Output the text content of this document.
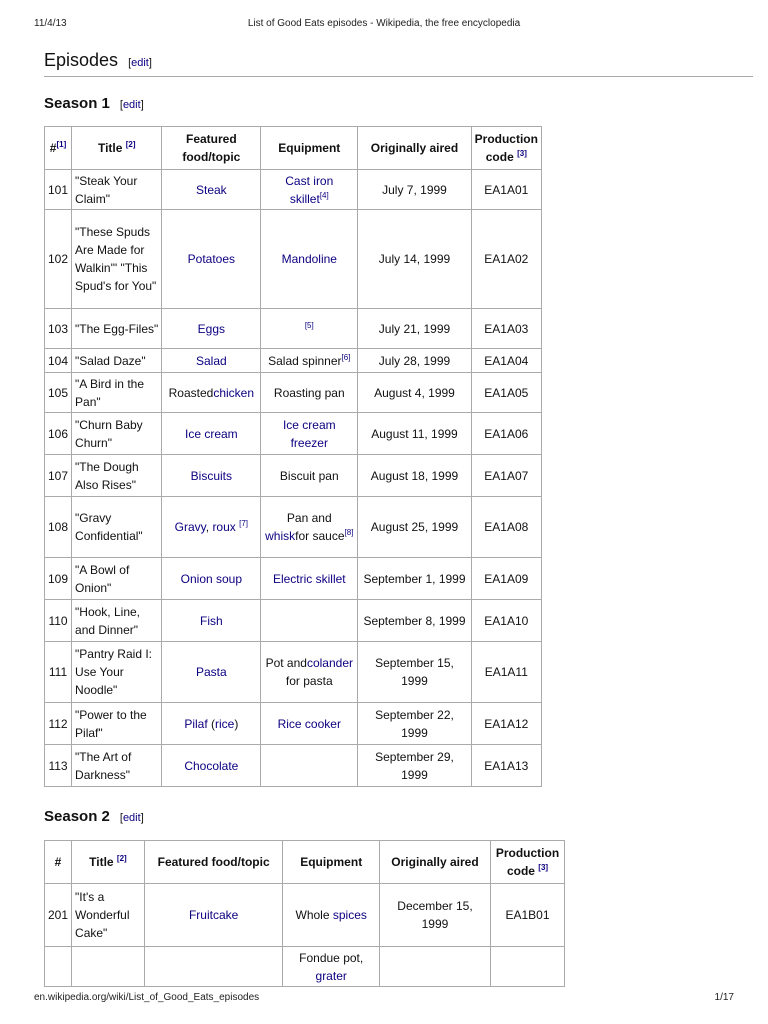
11/4/13	List of Good Eats episodes - Wikipedia, the free encyclopedia
Episodes [edit]
Season 1 [edit]
#[1]	Title [2]	Featured food/topic	Equipment	Originally aired	Production code [3]
101	"Steak Your Claim"	Steak	Cast iron skillet[4]	July 7, 1999	EA1A01
102	"These Spuds Are Made for Walkin'" "This Spud's for You"	Potatoes	Mandoline	July 14, 1999	EA1A02
103	"The Egg-Files"	Eggs	[5]	July 21, 1999	EA1A03
104	"Salad Daze"	Salad	Salad spinner[6]	July 28, 1999	EA1A04
105	"A Bird in the Pan"	Roastedchicken	Roasting pan	August 4, 1999	EA1A05
106	"Churn Baby Churn"	Ice cream	Ice cream freezer	August 11, 1999	EA1A06
107	"The Dough Also Rises"	Biscuits	Biscuit pan	August 18, 1999	EA1A07
108	"Gravy Confidential"	Gravy, roux [7]	Pan and whiskfor sauce[8]	August 25, 1999	EA1A08
109	"A Bowl of Onion"	Onion soup	Electric skillet	September 1, 1999	EA1A09
110	"Hook, Line, and Dinner"	Fish		September 8, 1999	EA1A10
111	"Pantry Raid I: Use Your Noodle"	Pasta	Pot andcolander for pasta	September 15, 1999	EA1A11
112	"Power to the Pilaf"	Pilaf (rice)	Rice cooker	September 22, 1999	EA1A12
113	"The Art of Darkness"	Chocolate		September 29, 1999	EA1A13
Season 2 [edit]
#	Title [2]	Featured food/topic	Equipment	Originally aired	Production code [3]
201	"It's a Wonderful Cake"	Fruitcake	Whole spices	December 15, 1999	EA1B01
			Fondue pot, grater		
en.wikipedia.org/wiki/List_of_Good_Eats_episodes	1/17
